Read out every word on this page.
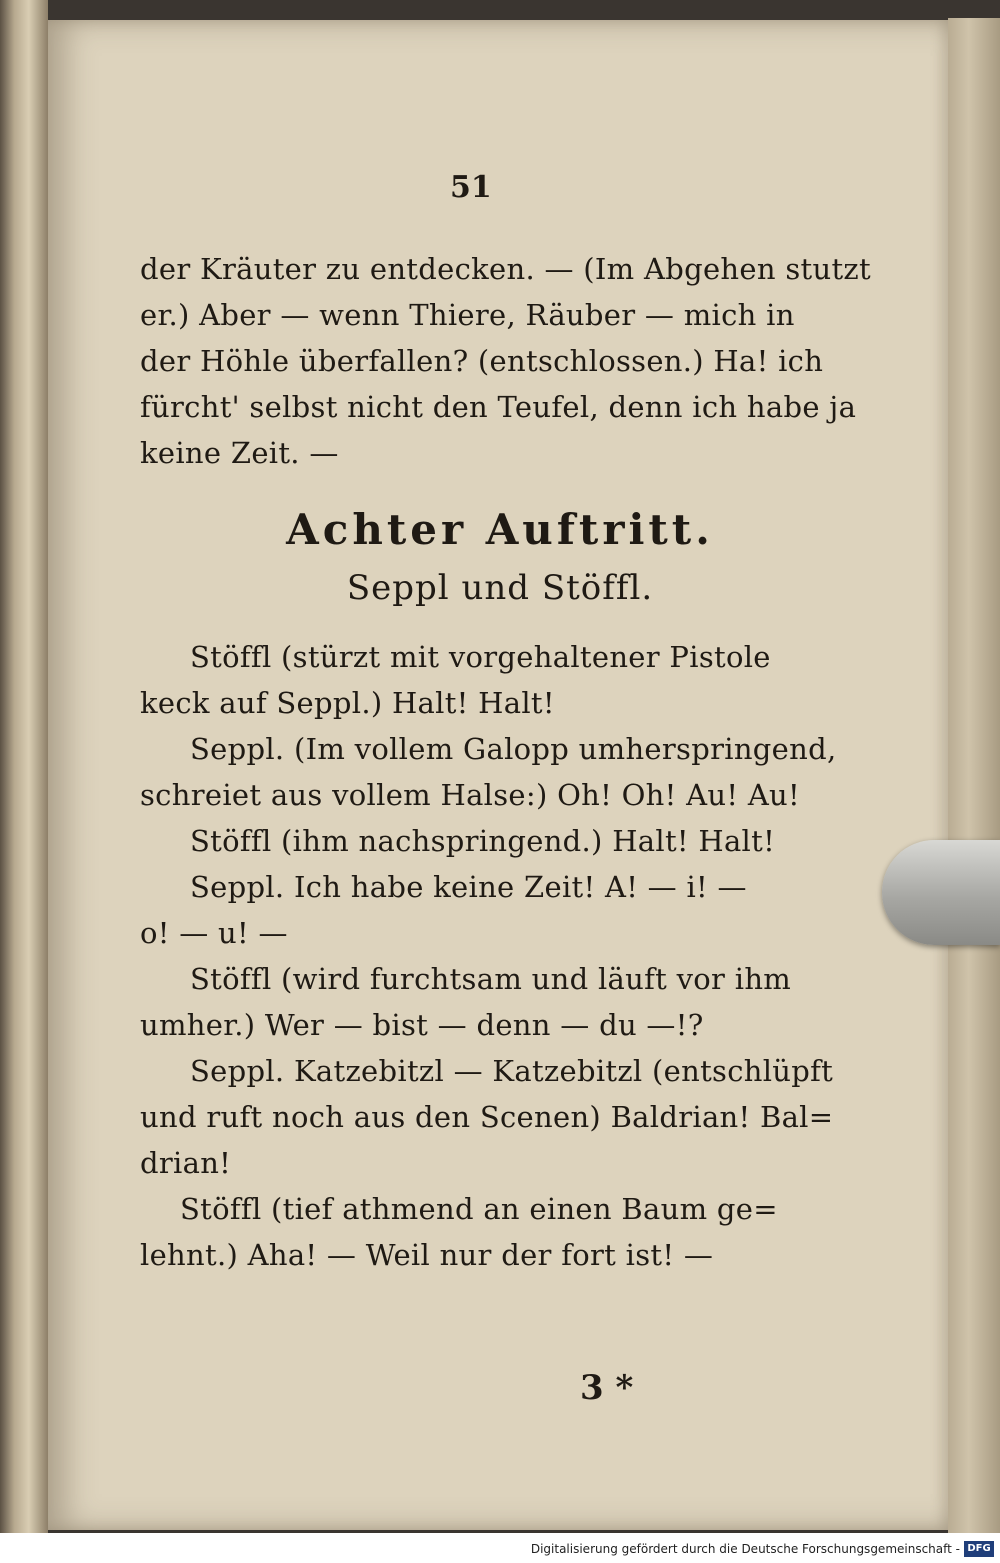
51
der Kräuter zu entdecken. — (Im Abgehen stutzt
er.) Aber — wenn Thiere, Räuber — mich in
der Höhle überfallen? (entschlossen.) Ha! ich
fürcht' selbst nicht den Teufel, denn ich habe ja
keine Zeit. —
Achter Auftritt.
Seppl und Stöffl.
Stöffl (stürzt mit vorgehaltener Pistole
keck auf Seppl.) Halt! Halt!
Seppl. (Im vollem Galopp umherspringend,
schreiet aus vollem Halse:) Oh! Oh! Au! Au!
Stöffl (ihm nachspringend.) Halt! Halt!
Seppl. Ich habe keine Zeit! A! — i! —
o! — u! —
Stöffl (wird furchtsam und läuft vor ihm
umher.) Wer — bist — denn — du —!?
Seppl. Katzebitzl — Katzebitzl (entschlüpft
und ruft noch aus den Scenen) Baldrian! Bal=
drian!
Stöffl (tief athmend an einen Baum ge=
lehnt.) Aha! — Weil nur der fort ist! —
3 *
Digitalisierung gefördert durch die Deutsche Forschungsgemeinschaft - DFG
